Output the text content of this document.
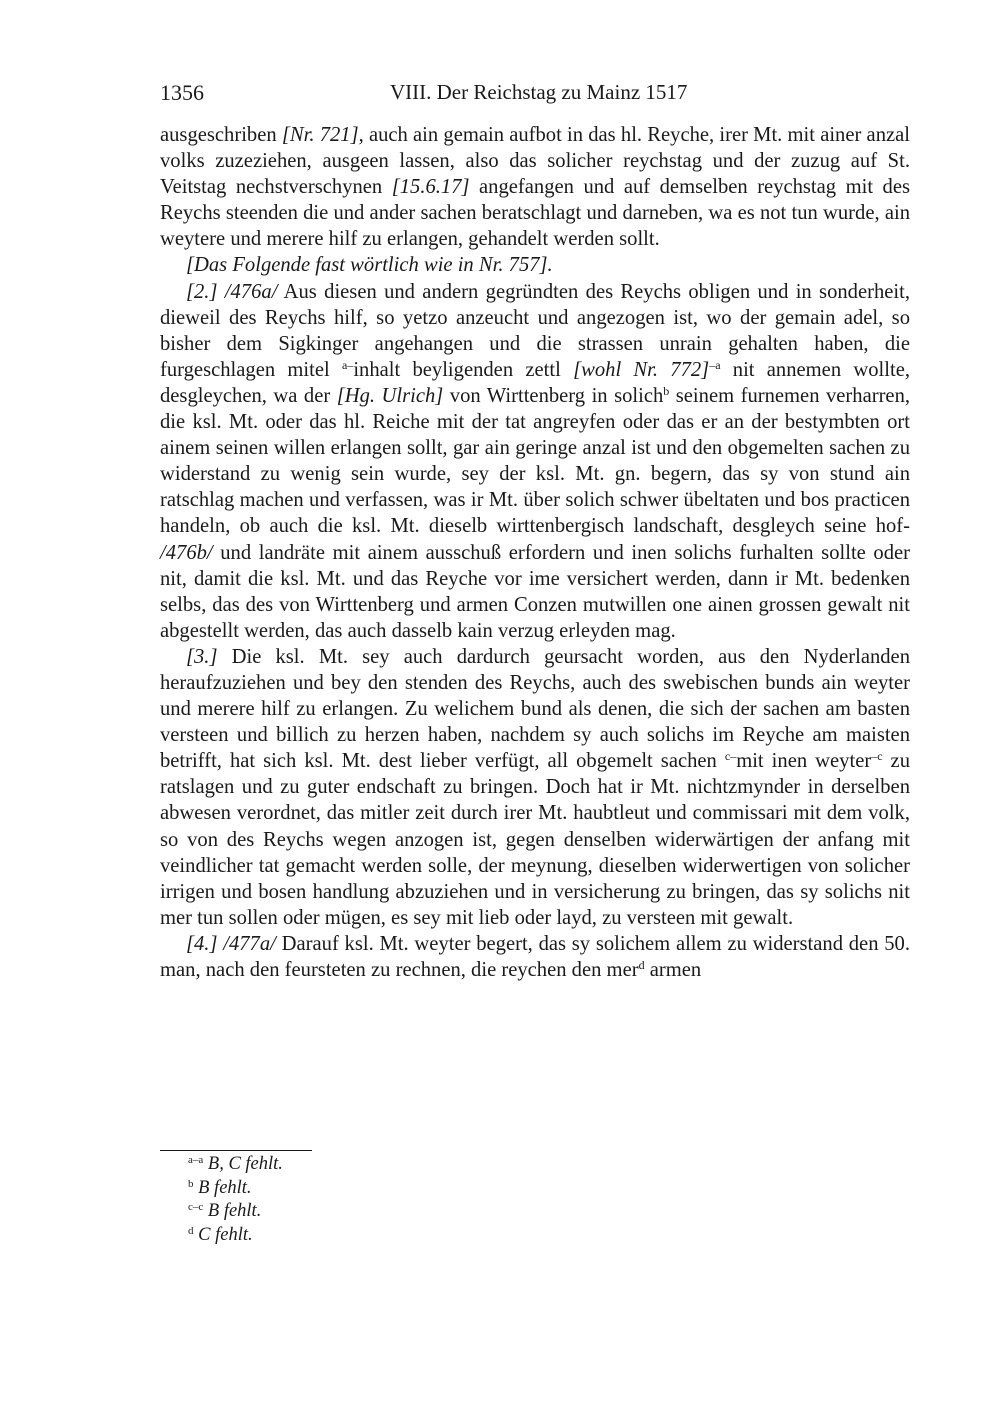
1356	VIII. Der Reichstag zu Mainz 1517

ausgeschriben [Nr. 721], auch ain gemain aufbot in das hl. Reyche, irer Mt. mit ainer anzal volks zuzeziehen, ausgeen lassen, also das solicher reychstag und der zuzug auf St. Veitstag nechstverschynen [15.6.17] angefangen und auf demselben reychstag mit des Reychs steenden die und ander sachen beratschlagt und darneben, wa es not tun wurde, ain weytere und merere hilf zu erlangen, gehandelt werden sollt.

[Das Folgende fast wörtlich wie in Nr. 757].

[2.] /476a/ Aus diesen und andern gegründten des Reychs obligen und in sonderheit, dieweil des Reychs hilf, so yetzo anzeucht und angezogen ist, wo der gemain adel, so bisher dem Sigkinger angehangen und die strassen unrain gehalten haben, die furgeschlagen mitel $^{a-}$inhalt beyligenden zettl [wohl Nr. 772]$^{-a}$ nit annemen wollte, desgleychen, wa der [Hg. Ulrich] von Wirttenberg in solich$^b$ seinem furnemen verharren, die ksl. Mt. oder das hl. Reiche mit der tat angreyfen oder das er an der bestymbten ort ainem seinen willen erlangen sollt, gar ain geringe anzal ist und den obgemelten sachen zu widerstand zu wenig sein wurde, sey der ksl. Mt. gn. begern, das sy von stund ain ratschlag machen und verfassen, was ir Mt. über solich schwer übeltaten und bos practicen handeln, ob auch die ksl. Mt. dieselb wirttenbergisch landschaft, desgleych seine hof- /476b/ und landräte mit ainem ausschuß erfordern und inen solichs furhalten sollte oder nit, damit die ksl. Mt. und das Reyche vor ime versichert werden, dann ir Mt. bedenken selbs, das des von Wirttenberg und armen Conzen mutwillen one ainen grossen gewalt nit abgestellt werden, das auch dasselb kain verzug erleyden mag.

[3.] Die ksl. Mt. sey auch dardurch geursacht worden, aus den Nyderlanden heraufzuziehen und bey den stenden des Reychs, auch des swebischen bunds ain weyter und merere hilf zu erlangen. Zu welichem bund als denen, die sich der sachen am basten versteen und billich zu herzen haben, nachdem sy auch solichs im Reyche am maisten betrifft, hat sich ksl. Mt. dest lieber verfügt, all obgemelt sachen $^{c-}$mit inen weyter$^{-c}$ zu ratslagen und zu guter endschaft zu bringen. Doch hat ir Mt. nichtzmynder in derselben abwesen verordnet, das mitler zeit durch irer Mt. haubtleut und commissari mit dem volk, so von des Reychs wegen anzogen ist, gegen denselben widerwärtigen der anfang mit veindlicher tat gemacht werden solle, der meynung, dieselben widerwertigen von solicher irrigen und bosen handlung abzuziehen und in versicherung zu bringen, das sy solichs nit mer tun sollen oder mügen, es sey mit lieb oder layd, zu versteen mit gewalt.

[4.] /477a/ Darauf ksl. Mt. weyter begert, das sy solichem allem zu widerstand den 50. man, nach den feursteten zu rechnen, die reychen den mer$^d$ armen

$^{a-a}$ B, C fehlt.
$^b$ B fehlt.
$^{c-c}$ B fehlt.
$^d$ C fehlt.
